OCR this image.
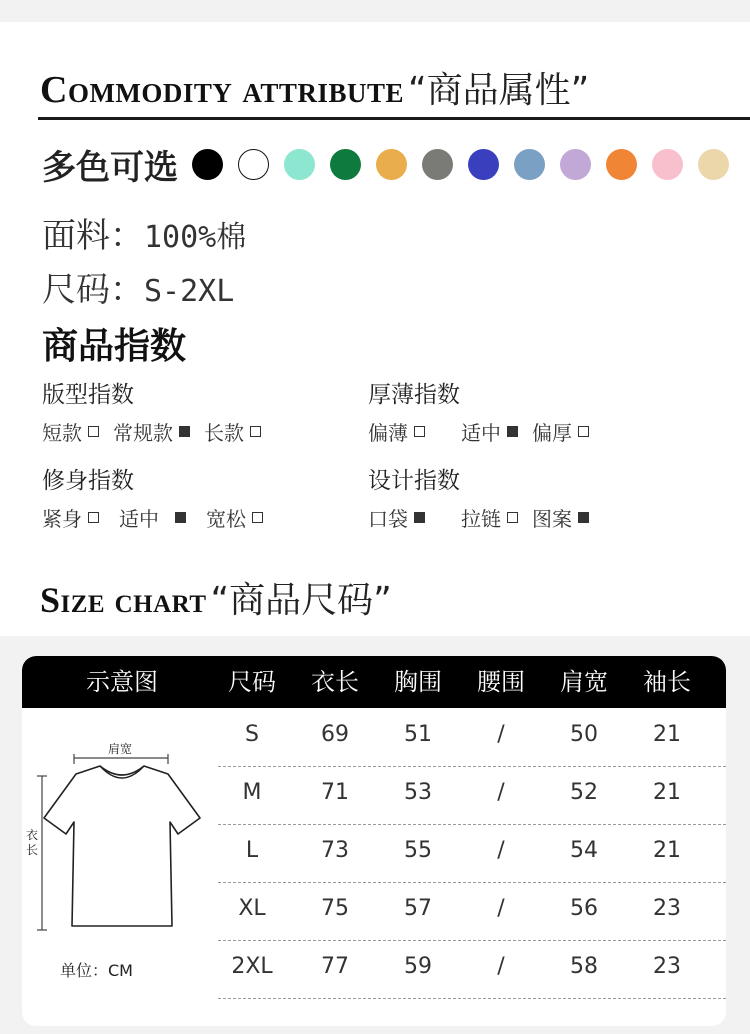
Commodity attribute “商品属性”
多色可选
面料：100%棉
尺码：S-2XL
商品指数
版型指数
短款 常规款 长款
厚薄指数
偏薄	适中 偏厚
修身指数
紧身 适中 宽松
设计指数
口袋	拉链 图案
Size chart “商品尺码”
示意图	尺码 衣长 胸围 腰围 肩宽 袖长
肩宽
衣长
单位：CM
S	69	51	/	50	21
M	71	53	/	52	21
L	73	55	/	54	21
XL	75	57	/	56	23
2XL 77	59	/	58	23
